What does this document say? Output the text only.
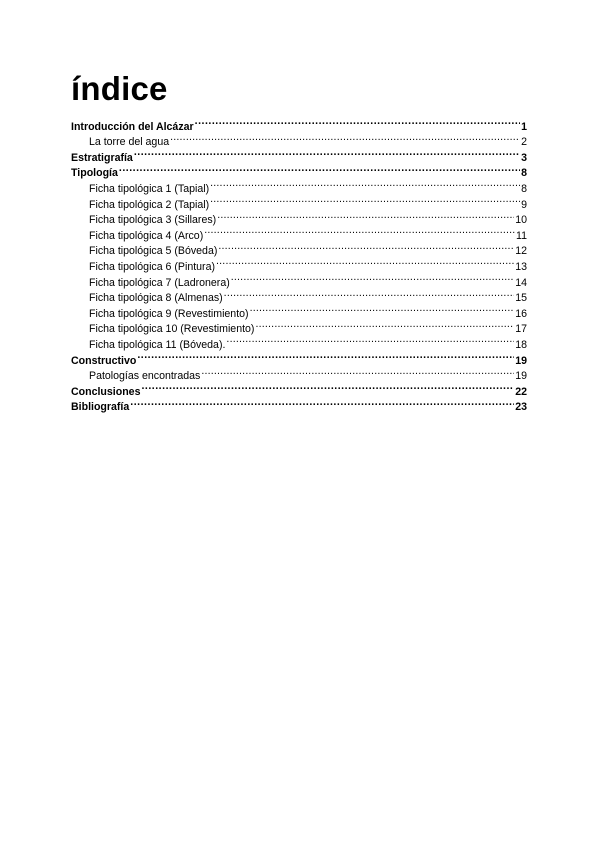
índice
Introducción del Alcázar .....	1
La torre del agua .....	2
Estratigrafía .....	3
Tipología .....	8
Ficha tipológica 1 (Tapial) .....	8
Ficha tipológica 2 (Tapial) .....	9
Ficha tipológica 3 (Sillares) .....	10
Ficha tipológica 4 (Arco) .....	11
Ficha tipológica 5 (Bóveda) .....	12
Ficha tipológica 6 (Pintura) .....	13
Ficha tipológica 7 (Ladronera) .....	14
Ficha tipológica 8 (Almenas) .....	15
Ficha tipológica 9 (Revestimiento) .....	16
Ficha tipológica 10 (Revestimiento) .....	17
Ficha tipológica 11 (Bóveda). .....	18
Constructivo .....	19
Patologías encontradas .....	19
Conclusiones .....	22
Bibliografía .....	23
